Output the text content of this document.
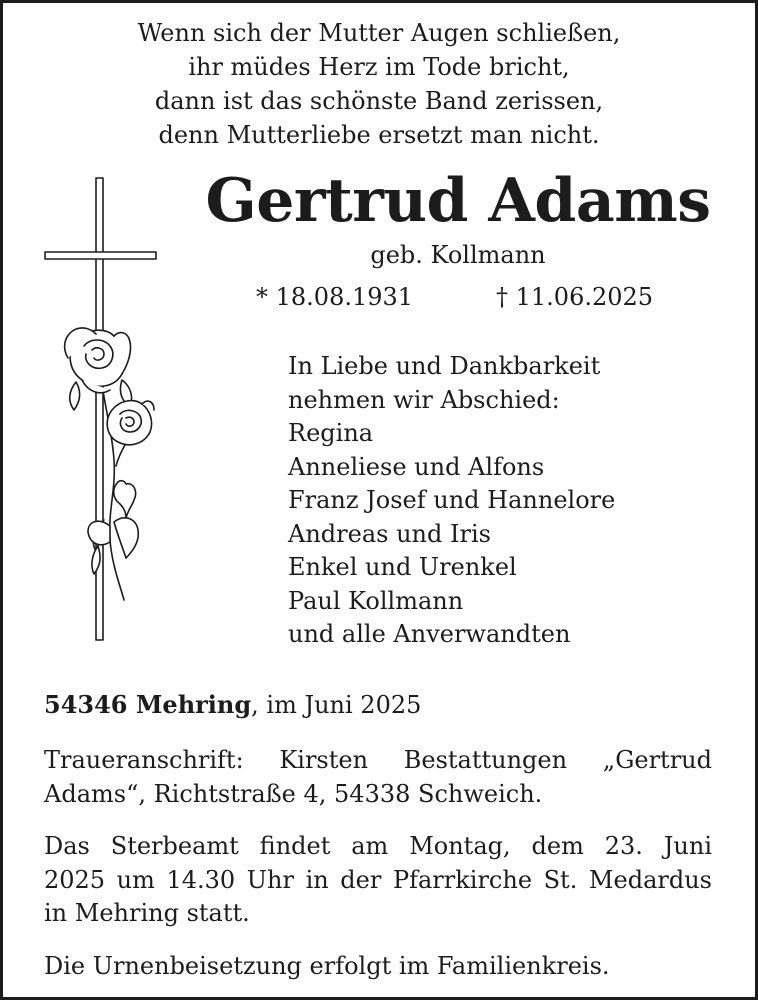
Wenn sich der Mutter Augen schließen,
ihr müdes Herz im Tode bricht,
dann ist das schönste Band zerissen,
denn Mutterliebe ersetzt man nicht.
Gertrud Adams
geb. Kollmann
* 18.08.1931	† 11.06.2025
In Liebe und Dankbarkeit
nehmen wir Abschied:
Regina
Anneliese und Alfons
Franz Josef und Hannelore
Andreas und Iris
Enkel und Urenkel
Paul Kollmann
und alle Anverwandten
54346 Mehring, im Juni 2025
Traueranschrift: Kirsten Bestattungen „Gertrud
Adams“, Richtstraße 4, 54338 Schweich.
Das Sterbeamt findet am Montag, dem 23. Juni
2025 um 14.30 Uhr in der Pfarrkirche St. Medardus
in Mehring statt.
Die Urnenbeisetzung erfolgt im Familienkreis.
